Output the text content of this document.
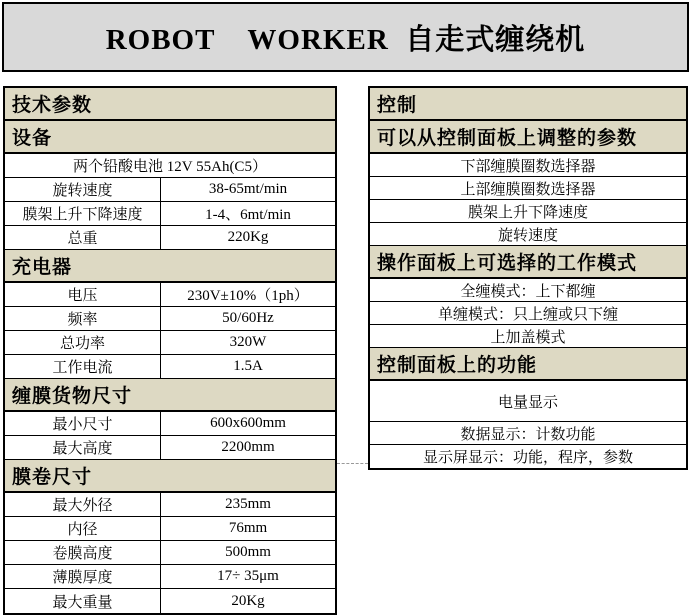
ROBOT    WORKER  自走式缠绕机
技术参数
设备
两个铅酸电池 12V 55Ah(C5）
旋转速度	38-65mt/min
膜架上升下降速度	1-4、6mt/min
总重	220Kg
充电器
电压	230V±10%（1ph）
频率	50/60Hz
总功率	320W
工作电流	1.5A
缠膜货物尺寸
最小尺寸	600x600mm
最大高度	2200mm
膜卷尺寸
最大外径	235mm
内径	76mm
卷膜高度	500mm
薄膜厚度	17÷ 35μm
最大重量	20Kg
控制
可以从控制面板上调整的参数
下部缠膜圈数选择器
上部缠膜圈数选择器
膜架上升下降速度
旋转速度
操作面板上可选择的工作模式
全缠模式：上下都缠
单缠模式：只上缠或只下缠
上加盖模式
控制面板上的功能
电量显示
数据显示：计数功能
显示屏显示：功能，程序，参数
